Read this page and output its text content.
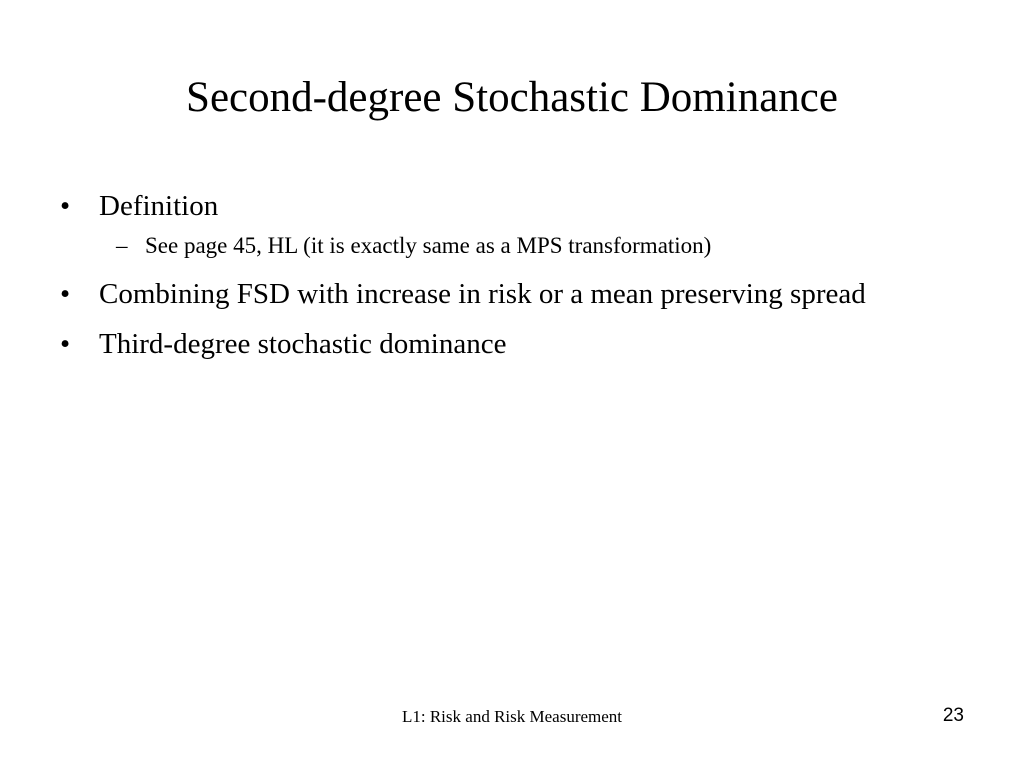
Second-degree Stochastic Dominance
• Definition
– See page 45, HL (it is exactly same as a MPS transformation)
• Combining FSD with increase in risk or a mean preserving spread
• Third-degree stochastic dominance
L1: Risk and Risk Measurement	23
